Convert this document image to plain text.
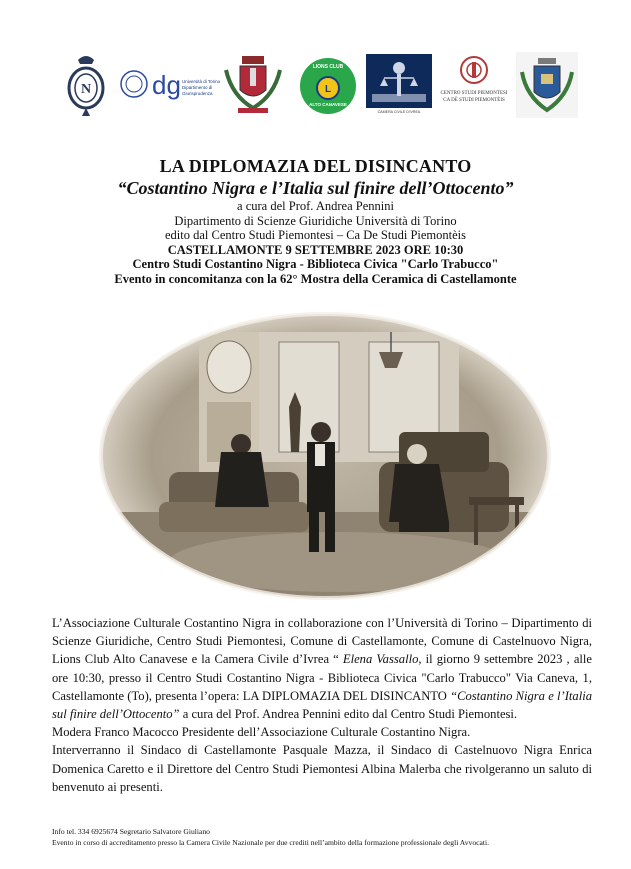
N dg Università di Torino
Dipartimento di Giurisprudenza	L
LIONS CLUB
ALTO CANAVESE
CAMERA CIVILE D'IVREA
CENTRO STUDI PIEMONTESI
CA DË STUDI PIEMONTÈIS
LA DIPLOMAZIA DEL DISINCANTO
“Costantino Nigra e l’Italia sul finire dell’Ottocento”
a cura del Prof. Andrea Pennini
Dipartimento di Scienze Giuridiche Università di Torino
edito dal Centro Studi Piemontesi – Ca De Studi Piemontèis
CASTELLAMONTE 9 SETTEMBRE 2023 ORE 10:30
Centro Studi Costantino Nigra - Biblioteca Civica "Carlo Trabucco"
Evento in concomitanza con la 62° Mostra della Ceramica di Castellamonte

L’Associazione Culturale Costantino Nigra in collaborazione con l’Università di Torino – Dipartimento di Scienze Giuridiche, Centro Studi Piemontesi, Comune di Castellamonte, Comune di Castelnuovo Nigra, Lions Club Alto Canavese e la Camera Civile d’Ivrea “ Elena Vassallo, il giorno 9 settembre 2023 , alle ore 10:30, presso il Centro Studi Costantino Nigra - Biblioteca Civica "Carlo Trabucco" Via Caneva, 1, Castellamonte (To), presenta l’opera: LA DIPLOMAZIA DEL DISINCANTO “Costantino Nigra e l’Italia sul finire dell’Ottocento” a cura del Prof. Andrea Pennini edito dal Centro Studi Piemontesi.

Modera Franco Macocco Presidente dell’Associazione Culturale Costantino Nigra.

Interverranno il Sindaco di Castellamonte Pasquale Mazza, il Sindaco di Castelnuovo Nigra Enrica Domenica Caretto e il Direttore del Centro Studi Piemontesi Albina Malerba che rivolgeranno un saluto di benvenuto ai presenti.

Info tel. 334 6925674 Segretario Salvatore Giuliano
Evento in corso di accreditamento presso la Camera Civile Nazionale per due crediti nell’ambito della formazione professionale degli Avvocati.
